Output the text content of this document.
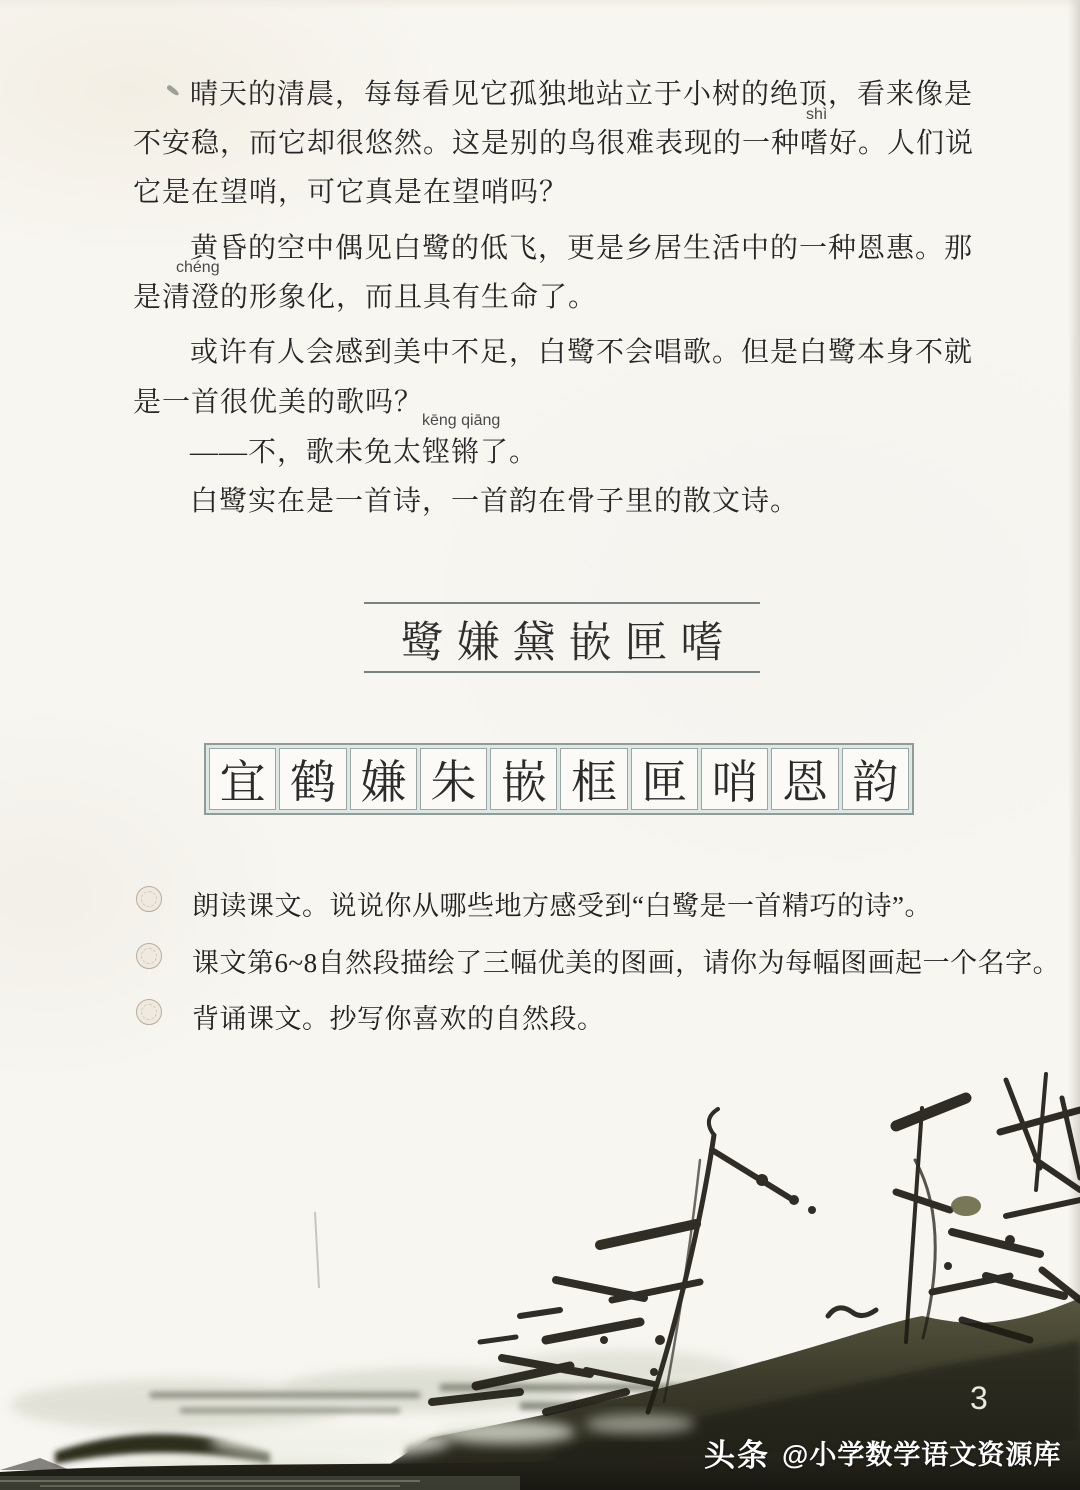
晴天的清晨，每每看见它孤独地站立于小树的绝顶，看来像是
不安稳，而它却很悠然。这是别的鸟很难表现的一种嗜好。人们说
它是在望哨，可它真是在望哨吗？
黄昏的空中偶见白鹭的低飞，更是乡居生活中的一种恩惠。那
是清澄的形象化，而且具有生命了。
或许有人会感到美中不足，白鹭不会唱歌。但是白鹭本身不就
是一首很优美的歌吗？
——不，歌未免太铿锵了。
白鹭实在是一首诗，一首韵在骨子里的散文诗。
shì
chéng
kēng qiāng
鹭 嫌 黛 嵌 匣 嗜
宜 鹤 嫌 朱 嵌 框 匣 哨 恩 韵
朗读课文。说说你从哪些地方感受到“白鹭是一首精巧的诗”。
课文第6~8自然段描绘了三幅优美的图画，请你为每幅图画起一个名字。
背诵课文。抄写你喜欢的自然段。
3
头条 @小学数学语文资源库
